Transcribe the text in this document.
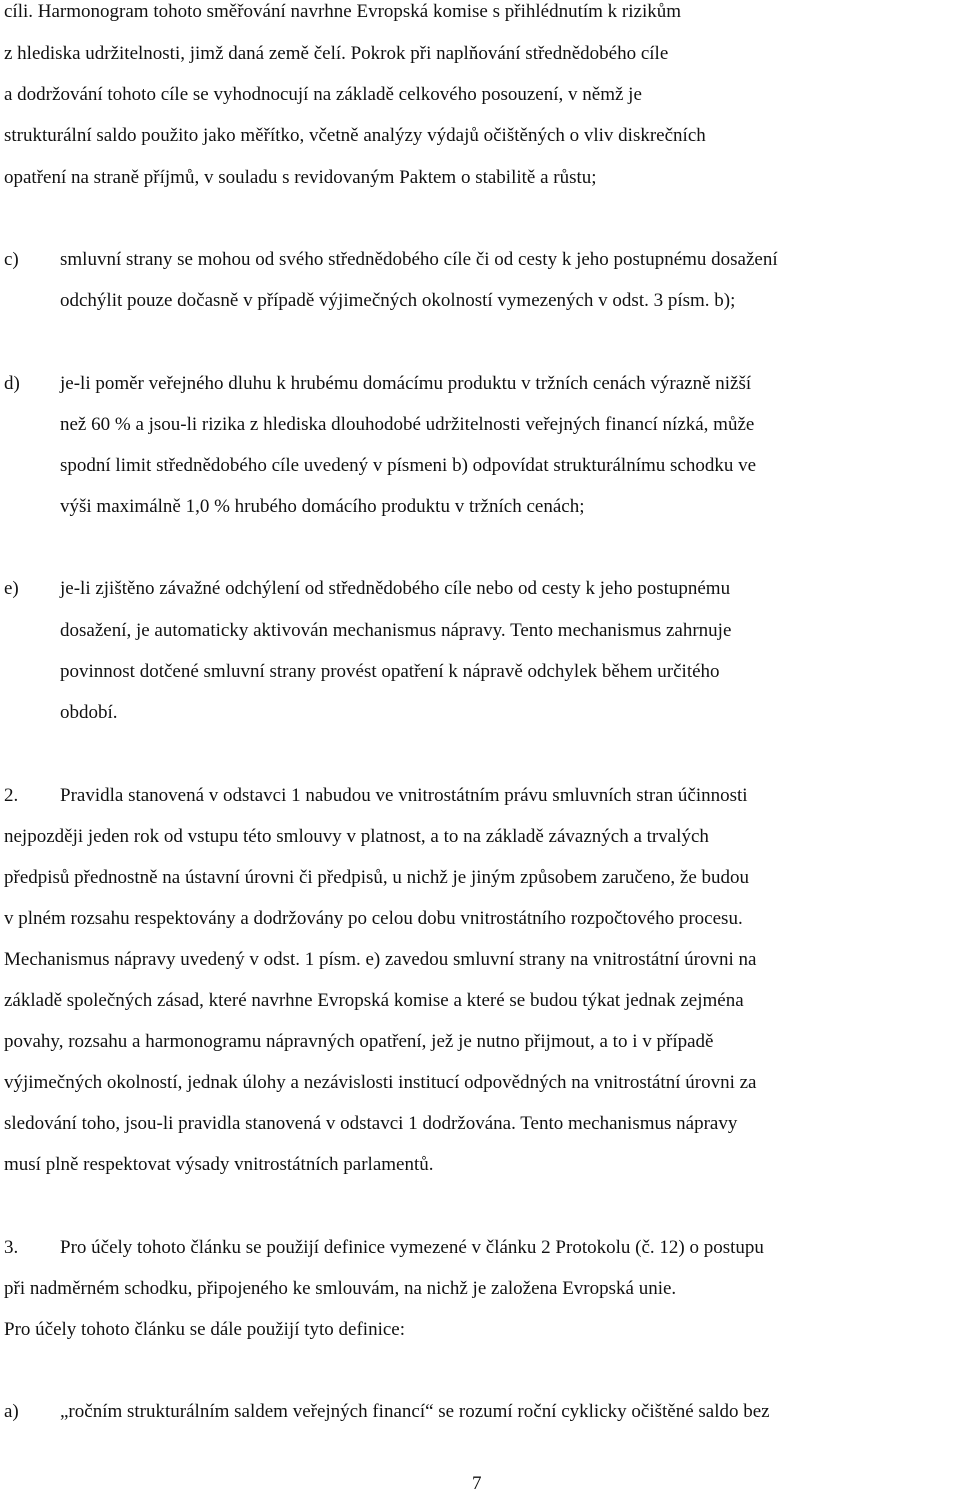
cíli. Harmonogram tohoto směřování navrhne Evropská komise s přihlédnutím k rizikům
z hlediska udržitelnosti, jimž daná země čelí. Pokrok při naplňování střednědobého cíle
a dodržování tohoto cíle se vyhodnocují na základě celkového posouzení, v němž je
strukturální saldo použito jako měřítko, včetně analýzy výdajů očištěných o vliv diskrečních
opatření na straně příjmů, v souladu s revidovaným Paktem o stabilitě a růstu;
c) smluvní strany se mohou od svého střednědobého cíle či od cesty k jeho postupnému dosažení
odchýlit pouze dočasně v případě výjimečných okolností vymezených v odst. 3 písm. b);
d) je-li poměr veřejného dluhu k hrubému domácímu produktu v tržních cenách výrazně nižší
než 60 % a jsou-li rizika z hlediska dlouhodobé udržitelnosti veřejných financí nízká, může
spodní limit střednědobého cíle uvedený v písmeni b) odpovídat strukturálnímu schodku ve
výši maximálně 1,0 % hrubého domácího produktu v tržních cenách;
e) je-li zjištěno závažné odchýlení od střednědobého cíle nebo od cesty k jeho postupnému
dosažení, je automaticky aktivován mechanismus nápravy. Tento mechanismus zahrnuje
povinnost dotčené smluvní strany provést opatření k nápravě odchylek během určitého
období.
2. Pravidla stanovená v odstavci 1 nabudou ve vnitrostátním právu smluvních stran účinnosti
nejpozději jeden rok od vstupu této smlouvy v platnost, a to na základě závazných a trvalých
předpisů přednostně na ústavní úrovni či předpisů, u nichž je jiným způsobem zaručeno, že budou
v plném rozsahu respektovány a dodržovány po celou dobu vnitrostátního rozpočtového procesu.
Mechanismus nápravy uvedený v odst. 1 písm. e) zavedou smluvní strany na vnitrostátní úrovni na
základě společných zásad, které navrhne Evropská komise a které se budou týkat jednak zejména
povahy, rozsahu a harmonogramu nápravných opatření, jež je nutno přijmout, a to i v případě
výjimečných okolností, jednak úlohy a nezávislosti institucí odpovědných na vnitrostátní úrovni za
sledování toho, jsou-li pravidla stanovená v odstavci 1 dodržována. Tento mechanismus nápravy
musí plně respektovat výsady vnitrostátních parlamentů.
3. Pro účely tohoto článku se použijí definice vymezené v článku 2 Protokolu (č. 12) o postupu
při nadměrném schodku, připojeného ke smlouvám, na nichž je založena Evropská unie.
Pro účely tohoto článku se dále použijí tyto definice:
a) „ročním strukturálním saldem veřejných financí“ se rozumí roční cyklicky očištěné saldo bez
7
